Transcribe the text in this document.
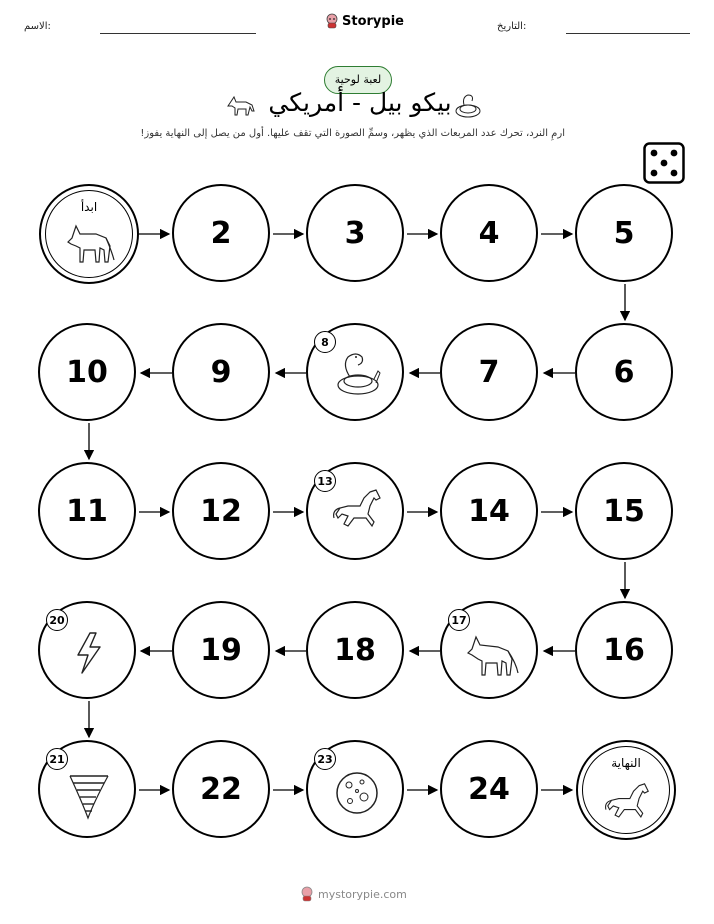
الاسم:	Storypie	التاريخ:
لعبة لوحية
بيكو بيل - أمريكي
ارمِ النرد، تحرك عدد المربعات الذي يظهر، وسمِّ الصورة التي تقف عليها. أول من يصل إلى النهاية يفوز!
ابدأ
2	3	4	5
10	9
8
7	6
11	12
13
14	15
20
19	18
17
16
21
22
23
24
النهاية
mystorypie.com
